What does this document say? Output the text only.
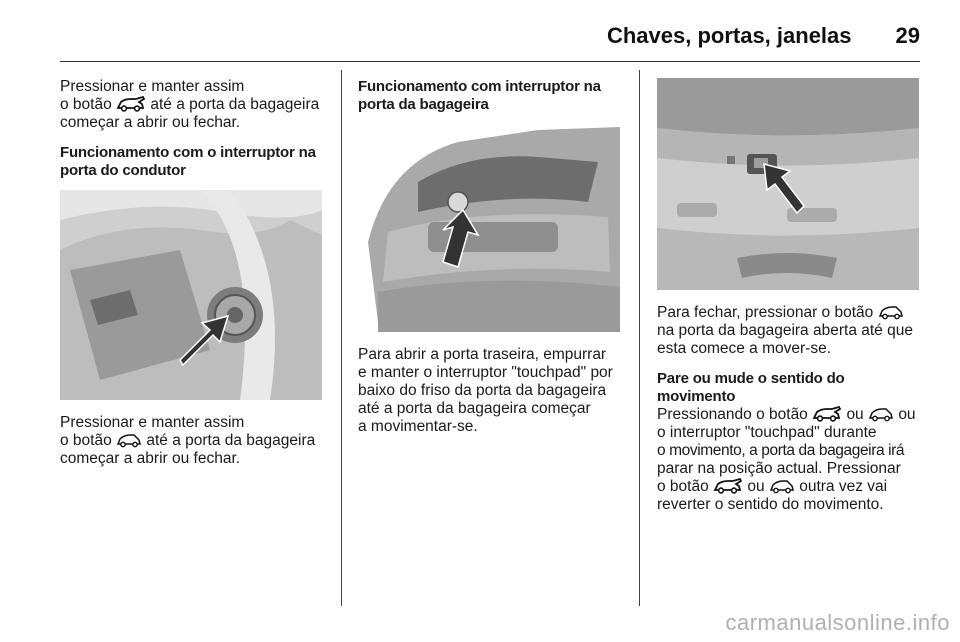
Chaves, portas, janelas 29

Pressionar e manter assim

o botão até a porta da bagageira

começar a abrir ou fechar.

Funcionamento com o interruptor na

porta do condutor

Pressionar e manter assim

o botão até a porta da bagageira

começar a abrir ou fechar.

Funcionamento com interruptor na

porta da bagageira

Para abrir a porta traseira, empurrar

e manter o interruptor "touchpad" por

baixo do friso da porta da bagageira

até a porta da bagageira começar

a movimentar-se.

Para fechar, pressionar o botão

na porta da bagageira aberta até que

esta comece a mover-se.

Pare ou mude o sentido do

movimento

Pressionando o botão ou ou

o interruptor "touchpad" durante

o movimento, a porta da bagageira irá

parar na posição actual. Pressionar

o botão ou outra vez vai

reverter o sentido do movimento.

carmanualsonline.info
